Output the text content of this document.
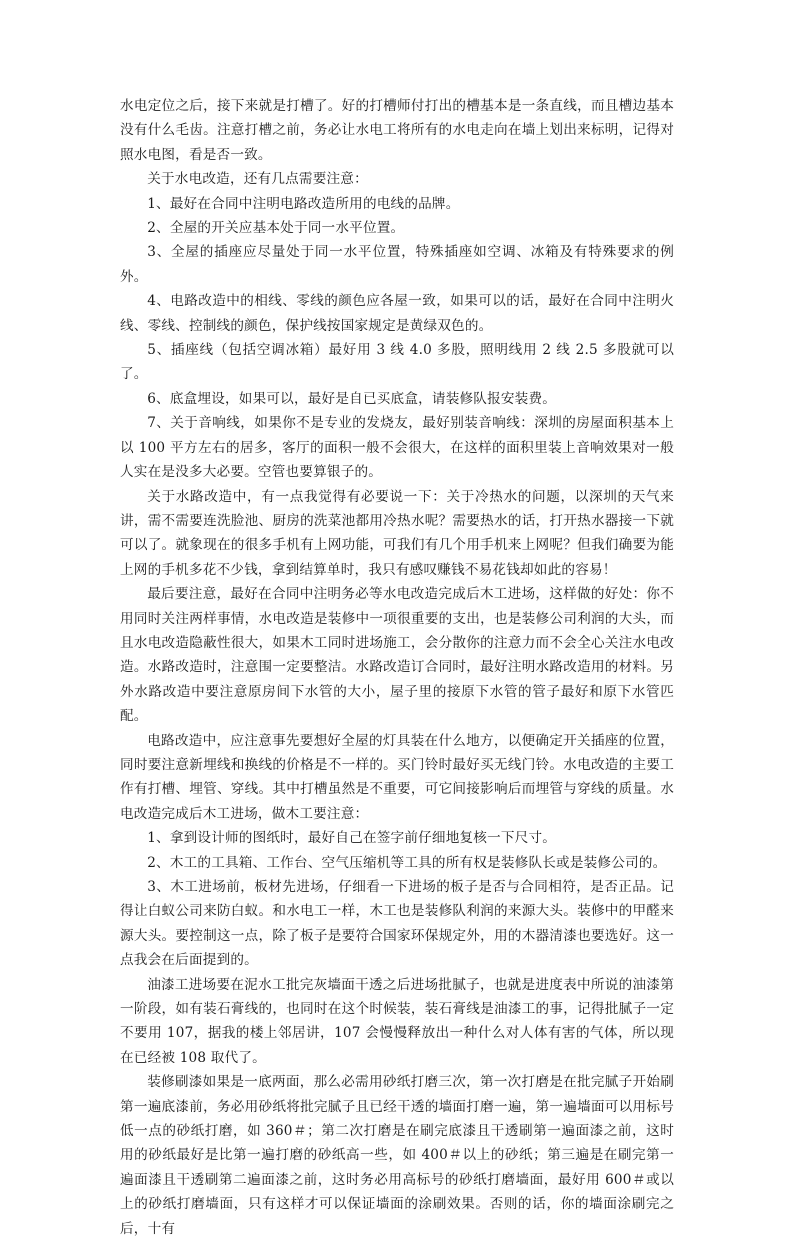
水电定位之后，接下来就是打槽了。好的打槽师付打出的槽基本是一条直线，而且槽边基本没有什么毛齿。注意打槽之前，务必让水电工将所有的水电走向在墙上划出来标明，记得对照水电图，看是否一致。

关于水电改造，还有几点需要注意：

1、最好在合同中注明电路改造所用的电线的品牌。

2、全屋的开关应基本处于同一水平位置。

3、全屋的插座应尽量处于同一水平位置，特殊插座如空调、冰箱及有特殊要求的例外。

4、电路改造中的相线、零线的颜色应各屋一致，如果可以的话，最好在合同中注明火线、零线、控制线的颜色，保护线按国家规定是黄绿双色的。

5、插座线（包括空调冰箱）最好用 3 线 4.0 多股，照明线用 2 线 2.5 多股就可以了。

6、底盒埋设，如果可以，最好是自已买底盒，请装修队报安装费。

7、关于音响线，如果你不是专业的发烧友，最好别装音响线：深圳的房屋面积基本上以 100 平方左右的居多，客厅的面积一般不会很大，在这样的面积里装上音响效果对一般人实在是没多大必要。空管也要算银子的。

关于水路改造中，有一点我觉得有必要说一下：关于冷热水的问题，以深圳的天气来讲，需不需要连洗脸池、厨房的洗菜池都用冷热水呢？需要热水的话，打开热水器接一下就可以了。就象现在的很多手机有上网功能，可我们有几个用手机来上网呢？但我们确要为能上网的手机多花不少钱，拿到结算单时，我只有感叹赚钱不易花钱却如此的容易！

最后要注意，最好在合同中注明务必等水电改造完成后木工进场，这样做的好处：你不用同时关注两样事情，水电改造是装修中一项很重要的支出，也是装修公司利润的大头，而且水电改造隐蔽性很大，如果木工同时进场施工，会分散你的注意力而不会全心关注水电改造。水路改造时，注意围一定要整洁。水路改造订合同时，最好注明水路改造用的材料。另外水路改造中要注意原房间下水管的大小，屋子里的接原下水管的管子最好和原下水管匹配。

电路改造中，应注意事先要想好全屋的灯具装在什么地方，以便确定开关插座的位置，同时要注意新埋线和换线的价格是不一样的。买门铃时最好买无线门铃。水电改造的主要工作有打槽、埋管、穿线。其中打槽虽然是不重要，可它间接影响后而埋管与穿线的质量。水电改造完成后木工进场，做木工要注意：

1、拿到设计师的图纸时，最好自己在签字前仔细地复核一下尺寸。

2、木工的工具箱、工作台、空气压缩机等工具的所有权是装修队长或是装修公司的。

3、木工进场前，板材先进场，仔细看一下进场的板子是否与合同相符，是否正品。记得让白蚁公司来防白蚁。和水电工一样，木工也是装修队利润的来源大头。装修中的甲醛来源大头。要控制这一点，除了板子是要符合国家环保规定外，用的木器清漆也要选好。这一点我会在后面提到的。

油漆工进场要在泥水工批完灰墙面干透之后进场批腻子，也就是进度表中所说的油漆第一阶段，如有装石膏线的，也同时在这个时候装，装石膏线是油漆工的事，记得批腻子一定不要用 107，据我的楼上邻居讲，107 会慢慢释放出一种什么对人体有害的气体，所以现在已经被 108 取代了。

装修刷漆如果是一底两面，那么必需用砂纸打磨三次，第一次打磨是在批完腻子开始刷第一遍底漆前，务必用砂纸将批完腻子且已经干透的墙面打磨一遍，第一遍墙面可以用标号低一点的砂纸打磨，如 360＃；第二次打磨是在刷完底漆且干透刷第一遍面漆之前，这时用的砂纸最好是比第一遍打磨的砂纸高一些，如 400＃以上的砂纸；第三遍是在刷完第一遍面漆且干透刷第二遍面漆之前，这时务必用高标号的砂纸打磨墙面，最好用 600＃或以上的砂纸打磨墙面，只有这样才可以保证墙面的涂刷效果。否则的话，你的墙面涂刷完之后，十有
